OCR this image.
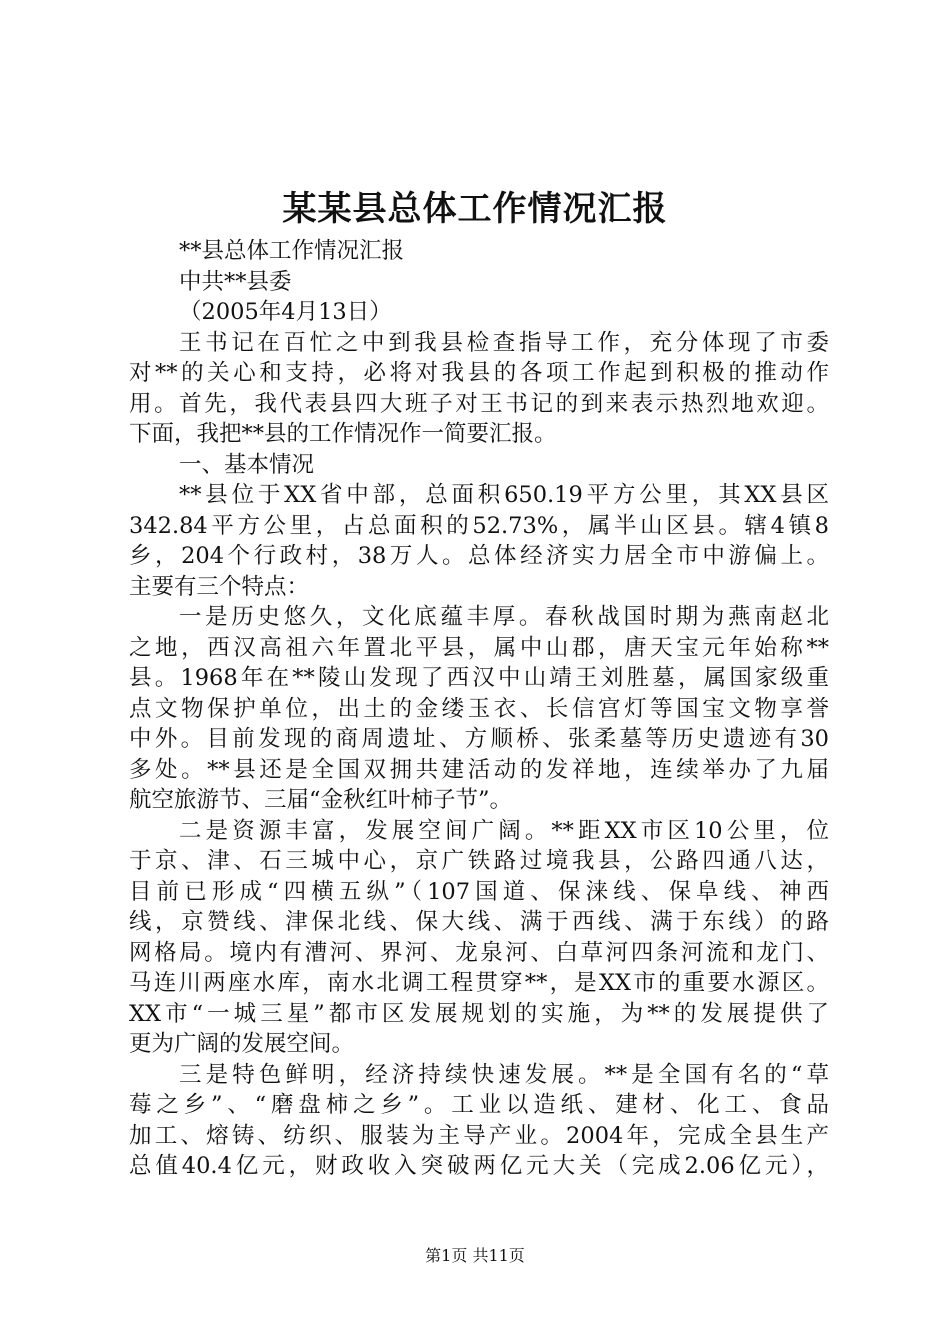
某某县总体工作情况汇报
**县总体工作情况汇报
中共**县委
（2005年4月13日）
王书记在百忙之中到我县检查指导工作，充分体现了市委
对**的关心和支持，必将对我县的各项工作起到积极的推动作
用。首先，我代表县四大班子对王书记的到来表示热烈地欢迎。
下面，我把**县的工作情况作一简要汇报。
一、基本情况
**县位于XX省中部，总面积650.19平方公里，其XX县区
342.84平方公里，占总面积的52.73%，属半山区县。辖4镇8
乡，204个行政村，38万人。总体经济实力居全市中游偏上。
主要有三个特点：
一是历史悠久，文化底蕴丰厚。春秋战国时期为燕南赵北
之地，西汉高祖六年置北平县，属中山郡，唐天宝元年始称**
县。1968年在**陵山发现了西汉中山靖王刘胜墓，属国家级重
点文物保护单位，出土的金缕玉衣、长信宫灯等国宝文物享誉
中外。目前发现的商周遗址、方顺桥、张柔墓等历史遗迹有30
多处。**县还是全国双拥共建活动的发祥地，连续举办了九届
航空旅游节、三届“金秋红叶柿子节”。
二是资源丰富，发展空间广阔。**距XX市区10公里，位
于京、津、石三城中心，京广铁路过境我县，公路四通八达，
目前已形成“四横五纵”（107国道、保涞线、保阜线、神西
线，京赞线、津保北线、保大线、满于西线、满于东线）的路
网格局。境内有漕河、界河、龙泉河、白草河四条河流和龙门、
马连川两座水库，南水北调工程贯穿**，是XX市的重要水源区。
XX市“一城三星”都市区发展规划的实施，为**的发展提供了
更为广阔的发展空间。
三是特色鲜明，经济持续快速发展。**是全国有名的“草
莓之乡”、“磨盘柿之乡”。工业以造纸、建材、化工、食品
加工、熔铸、纺织、服装为主导产业。2004年，完成全县生产
总值40.4亿元，财政收入突破两亿元大关（完成2.06亿元），
第1页 共11页
